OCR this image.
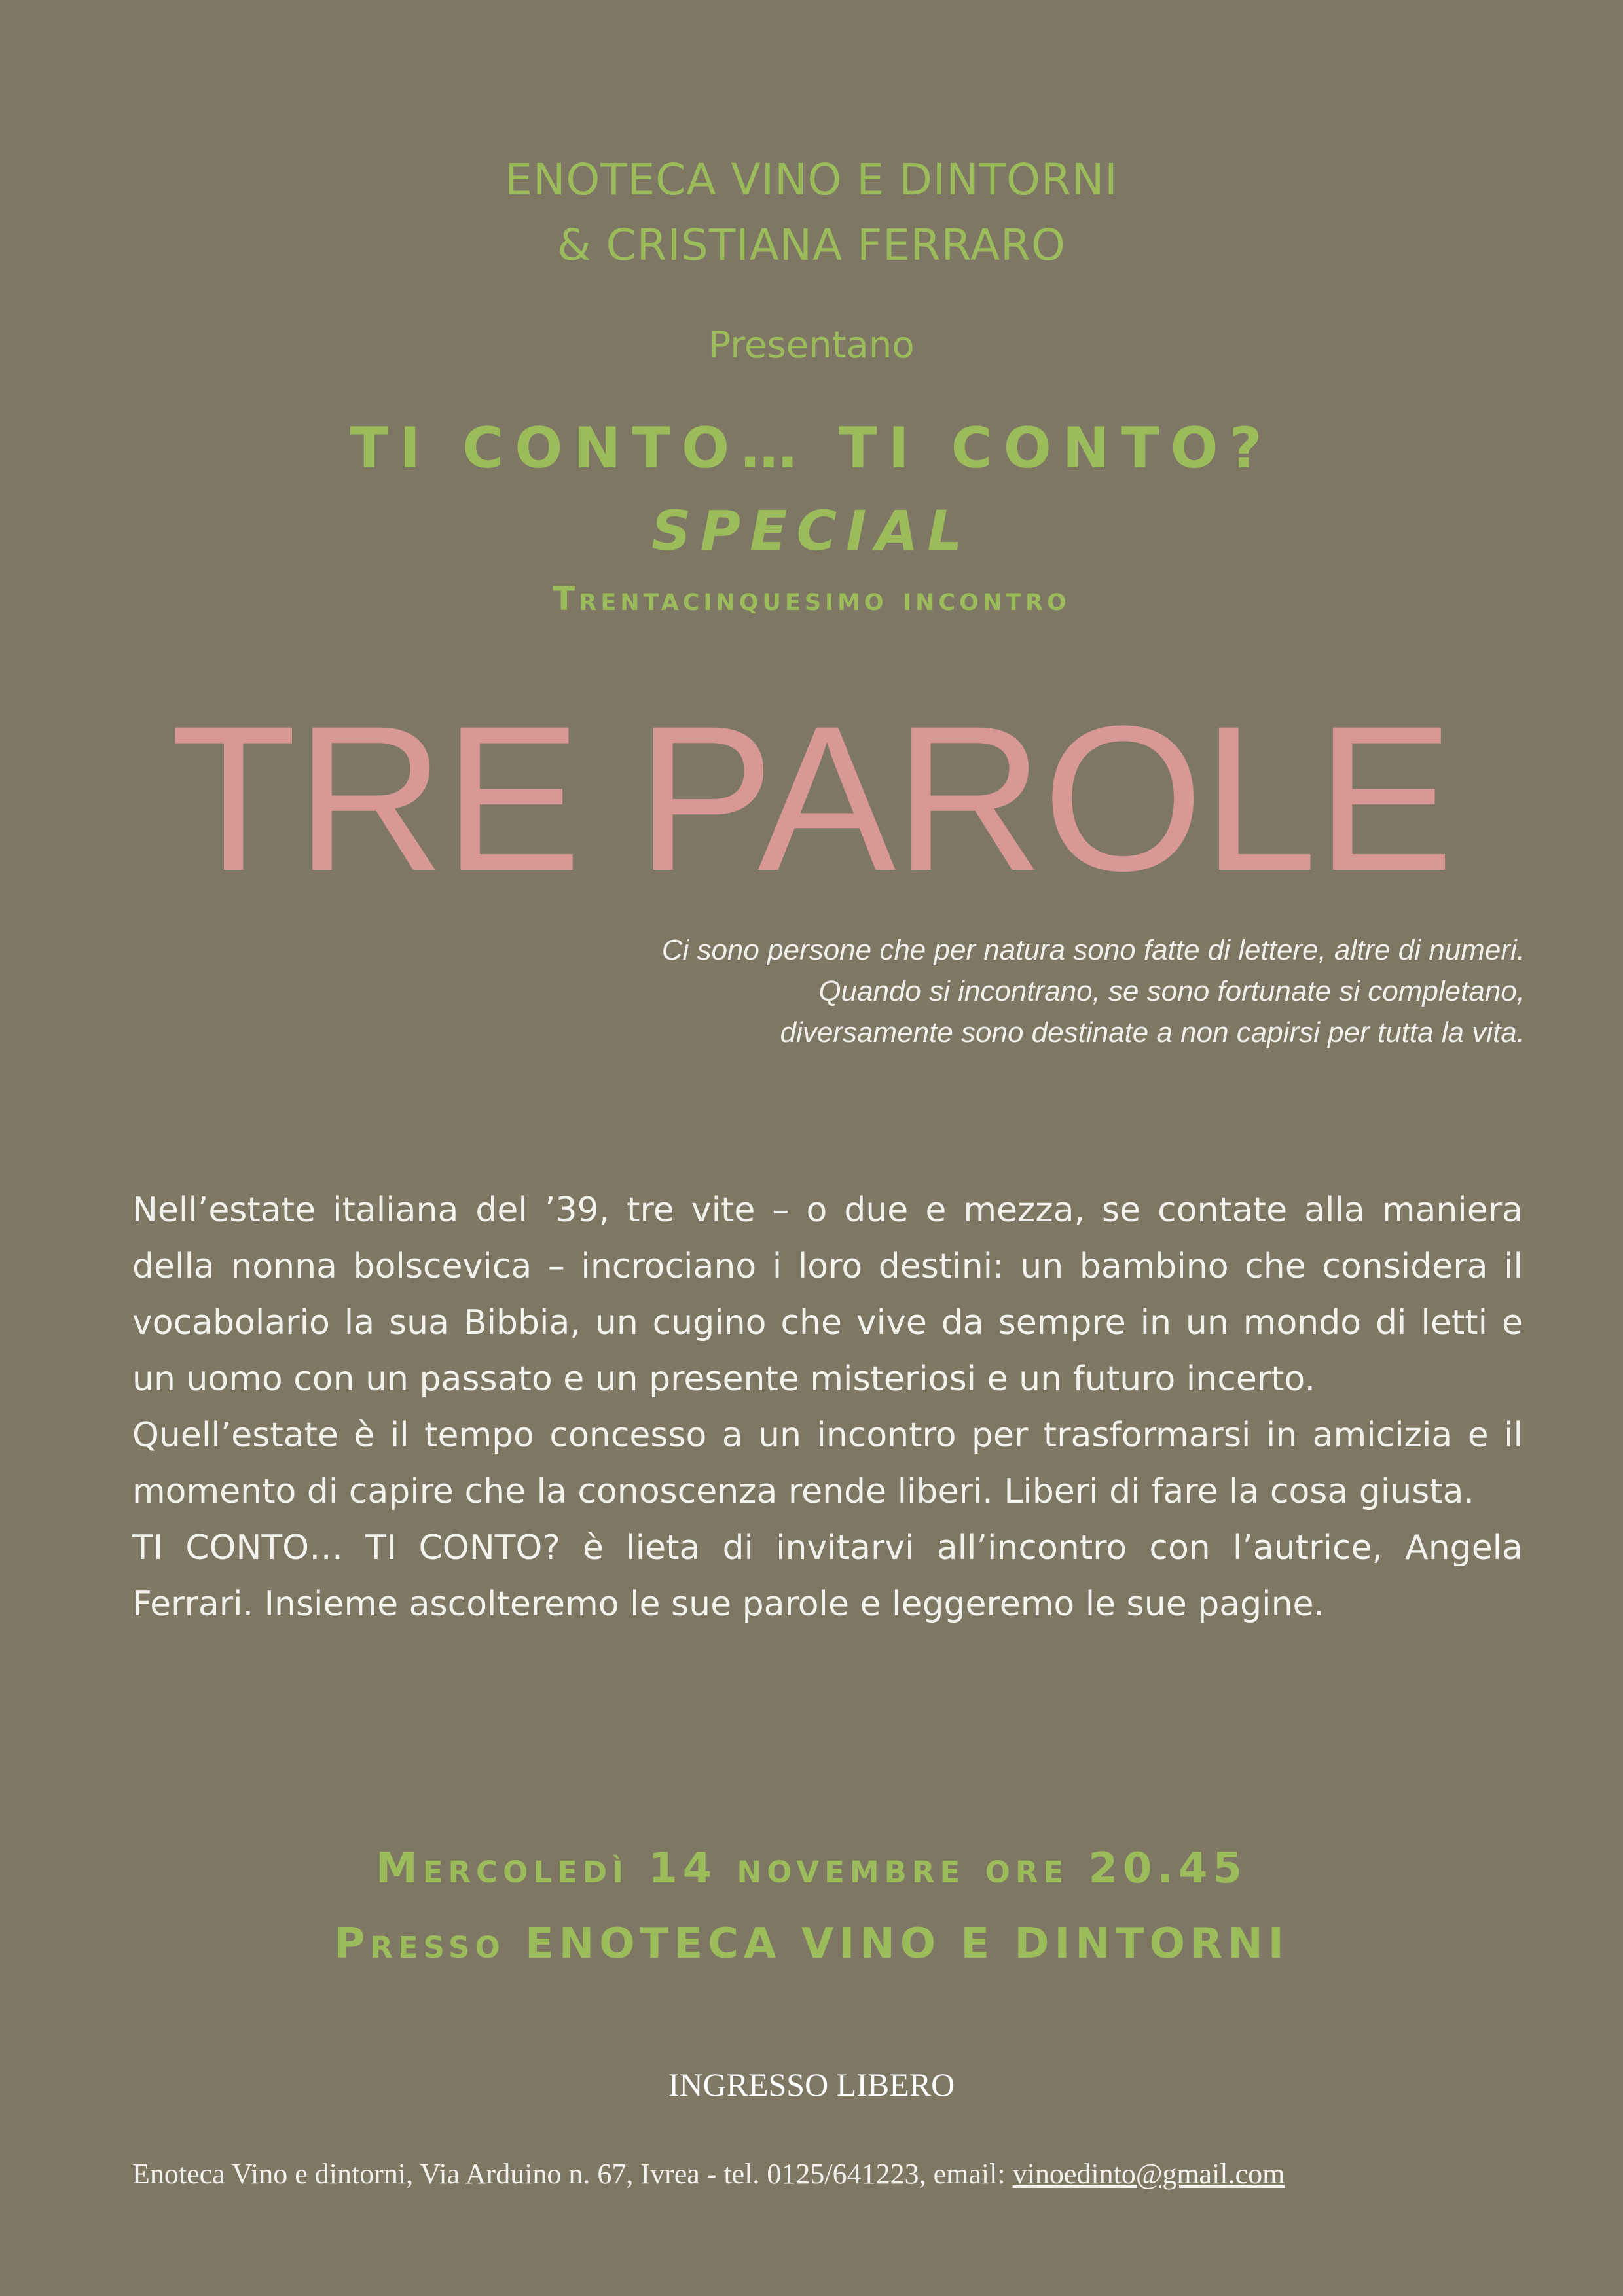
ENOTECA VINO E DINTORNI
& CRISTIANA FERRARO
Presentano
TI CONTO… TI CONTO?
SPECIAL
Trentacinquesimo incontro
TRE PAROLE
Ci sono persone che per natura sono fatte di lettere, altre di numeri.
Quando si incontrano, se sono fortunate si completano,
diversamente sono destinate a non capirsi per tutta la vita.

Nell’estate italiana del ’39, tre vite – o due e mezza, se contate alla maniera della nonna bolscevica – incrociano i loro destini: un bambino che considera il vocabolario la sua Bibbia, un cugino che vive da sempre in un mondo di letti e un uomo con un passato e un presente misteriosi e un futuro incerto.

Quell’estate è il tempo concesso a un incontro per trasformarsi in amicizia e il momento di capire che la conoscenza rende liberi. Liberi di fare la cosa giusta.

TI CONTO… TI CONTO? è lieta di invitarvi all’incontro con l’autrice, Angela Ferrari. Insieme ascolteremo le sue parole e leggeremo le sue pagine.

Mercoledì 14 novembre ore 20.45
Presso ENOTECA VINO E DINTORNI
INGRESSO LIBERO
Enoteca Vino e dintorni, Via Arduino n. 67, Ivrea - tel. 0125/641223, email: vinoedinto@gmail.com
